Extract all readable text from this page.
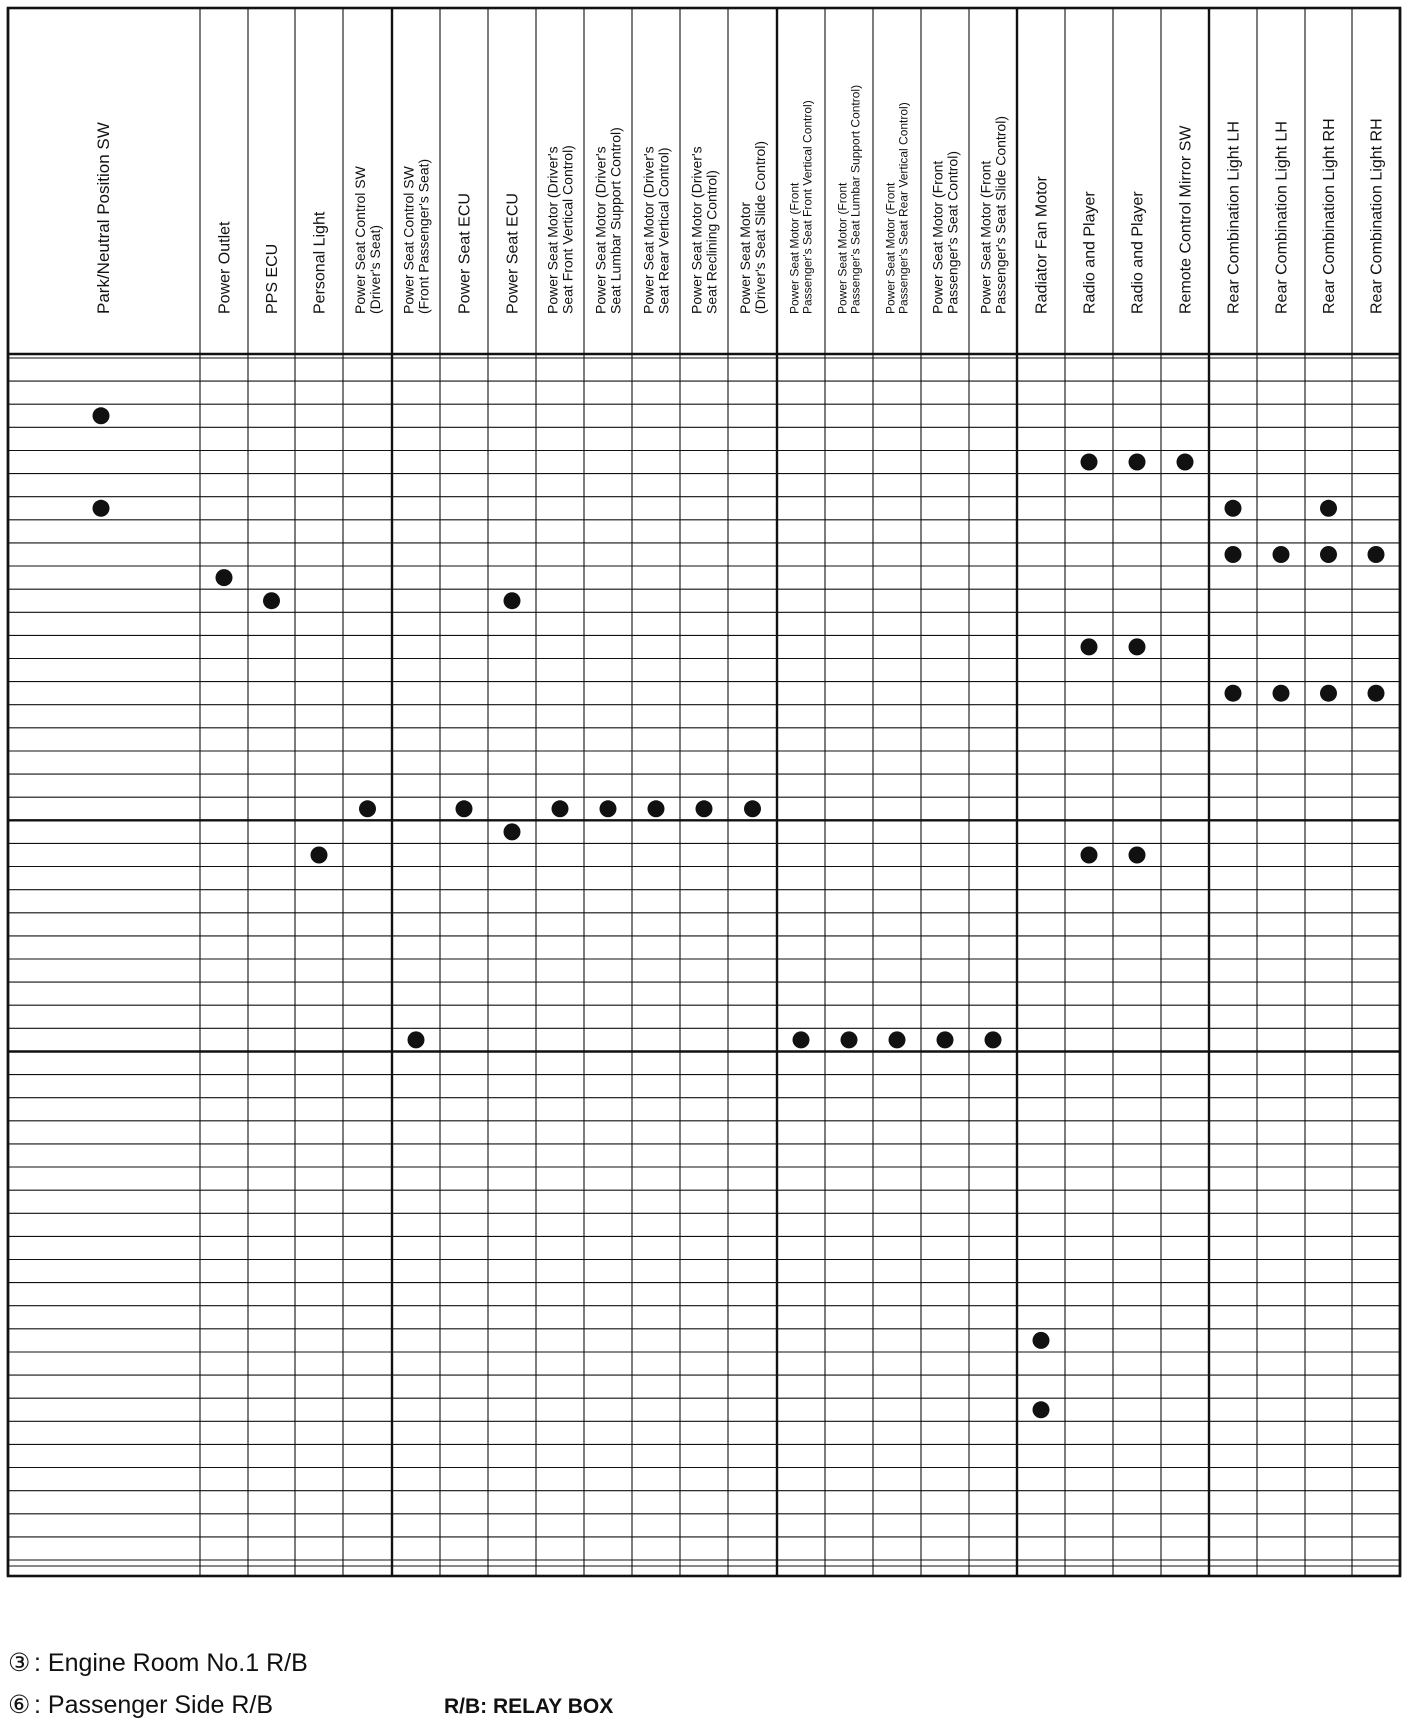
Park/Neutral Position SW	Power Outlet PPS ECU Personal Light Power Seat Control SW(Driver's Seat) Power Seat Control SW(Front Passenger's Seat) Power Seat ECU Power Seat ECU Power Seat Motor (Driver'sSeat Front Vertical Control) Power Seat Motor (Driver'sSeat Lumbar Support Control) Power Seat Motor (Driver'sSeat Rear Vertical Control) Power Seat Motor (Driver'sSeat Reclining Control) Power Seat Motor(Driver's Seat Slide Control) Power Seat Motor (FrontPassenger's Seat Front Vertical Control) Power Seat Motor (FrontPassenger's Seat Lumbar Support Control) Power Seat Motor (FrontPassenger's Seat Rear Vertical Control) Power Seat Motor (FrontPassenger's Seat Control) Power Seat Motor (FrontPassenger's Seat Slide Control) Radiator Fan Motor Radio and Player Radio and Player Remote Control Mirror SW Rear Combination Light LH Rear Combination Light LH Rear Combination Light RH Rear Combination Light RH
③ : Engine Room No.1 R/B
⑥ : Passenger Side R/B	R/B: RELAY BOX
